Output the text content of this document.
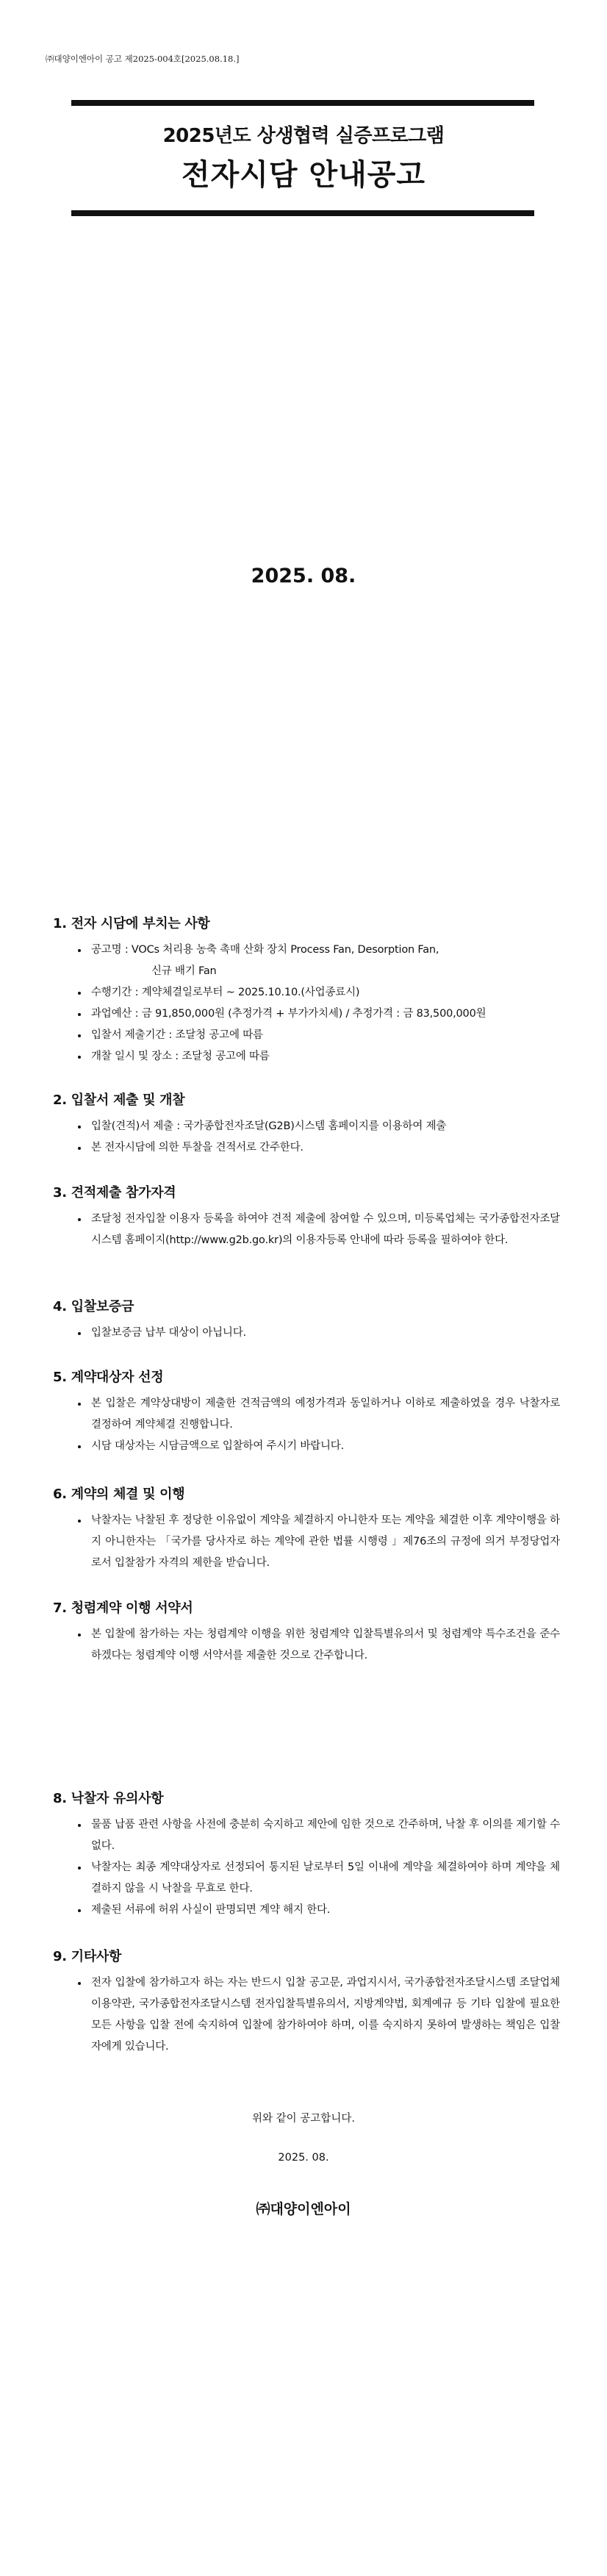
㈜대양이엔아이 공고 제2025-004호[2025.08.18.]
2025년도 상생협력 실증프로그램
전자시담 안내공고
2025. 08.
1. 전자 시담에 부치는 사항
• 공고명 : VOCs 처리용 농축 촉매 산화 장치 Process Fan, Desorption Fan,
신규 배기 Fan
• 수행기간 : 계약체결일로부터 ~ 2025.10.10.(사업종료시)
• 과업예산 : 금 91,850,000원 (추정가격 + 부가가치세) / 추정가격 : 금 83,500,000원
• 입찰서 제출기간 : 조달청 공고에 따름
• 개찰 일시 및 장소 : 조달청 공고에 따름
2. 입찰서 제출 및 개찰
• 입찰(견적)서 제출 : 국가종합전자조달(G2B)시스템 홈페이지를 이용하여 제출
• 본 전자시담에 의한 투찰을 견적서로 간주한다.
3. 견적제출 참가자격
• 조달청 전자입찰 이용자 등록을 하여야 견적 제출에 참여할 수 있으며, 미등록업체는 국가종합전자조달시스템 홈페이지(http://www.g2b.go.kr)의 이용자등록 안내에 따라 등록을 필하여야 한다.
4. 입찰보증금
• 입찰보증금 납부 대상이 아닙니다.
5. 계약대상자 선정
• 본 입찰은 계약상대방이 제출한 견적금액의 예정가격과 동일하거나 이하로 제출하였을 경우 낙찰자로 결정하여 계약체결 진행합니다.
• 시담 대상자는 시담금액으로 입찰하여 주시기 바랍니다.
6. 계약의 체결 및 이행
• 낙찰자는 낙찰된 후 정당한 이유없이 계약을 체결하지 아니한자 또는 계약을 체결한 이후 계약이행을 하지 아니한자는 「국가를 당사자로 하는 계약에 관한 법률 시행령 」제76조의 규정에 의거 부정당업자로서 입찰참가 자격의 제한을 받습니다.
7. 청렴계약 이행 서약서
• 본 입찰에 참가하는 자는 청렴계약 이행을 위한 청렴계약 입찰특별유의서 및 청렴계약 특수조건을 준수하겠다는 청렴계약 이행 서약서를 제출한 것으로 간주합니다.
8. 낙찰자 유의사항
• 물품 납품 관련 사항을 사전에 충분히 숙지하고 제안에 임한 것으로 간주하며, 낙찰 후 이의를 제기할 수 없다.
• 낙찰자는 최종 계약대상자로 선정되어 통지된 날로부터 5일 이내에 계약을 체결하여야 하며 계약을 체결하지 않을 시 낙찰을 무효로 한다.
• 제출된 서류에 허위 사실이 판명되면 계약 해지 한다.
9. 기타사항
• 전자 입찰에 참가하고자 하는 자는 반드시 입찰 공고문, 과업지시서, 국가종합전자조달시스템 조달업체 이용약관, 국가종합전자조달시스템 전자입찰특별유의서, 지방계약법, 회계예규 등 기타 입찰에 필요한 모든 사항을 입찰 전에 숙지하여 입찰에 참가하여야 하며, 이를 숙지하지 못하여 발생하는 책임은 입찰자에게 있습니다.
위와 같이 공고합니다.
2025. 08.
㈜대양이엔아이
